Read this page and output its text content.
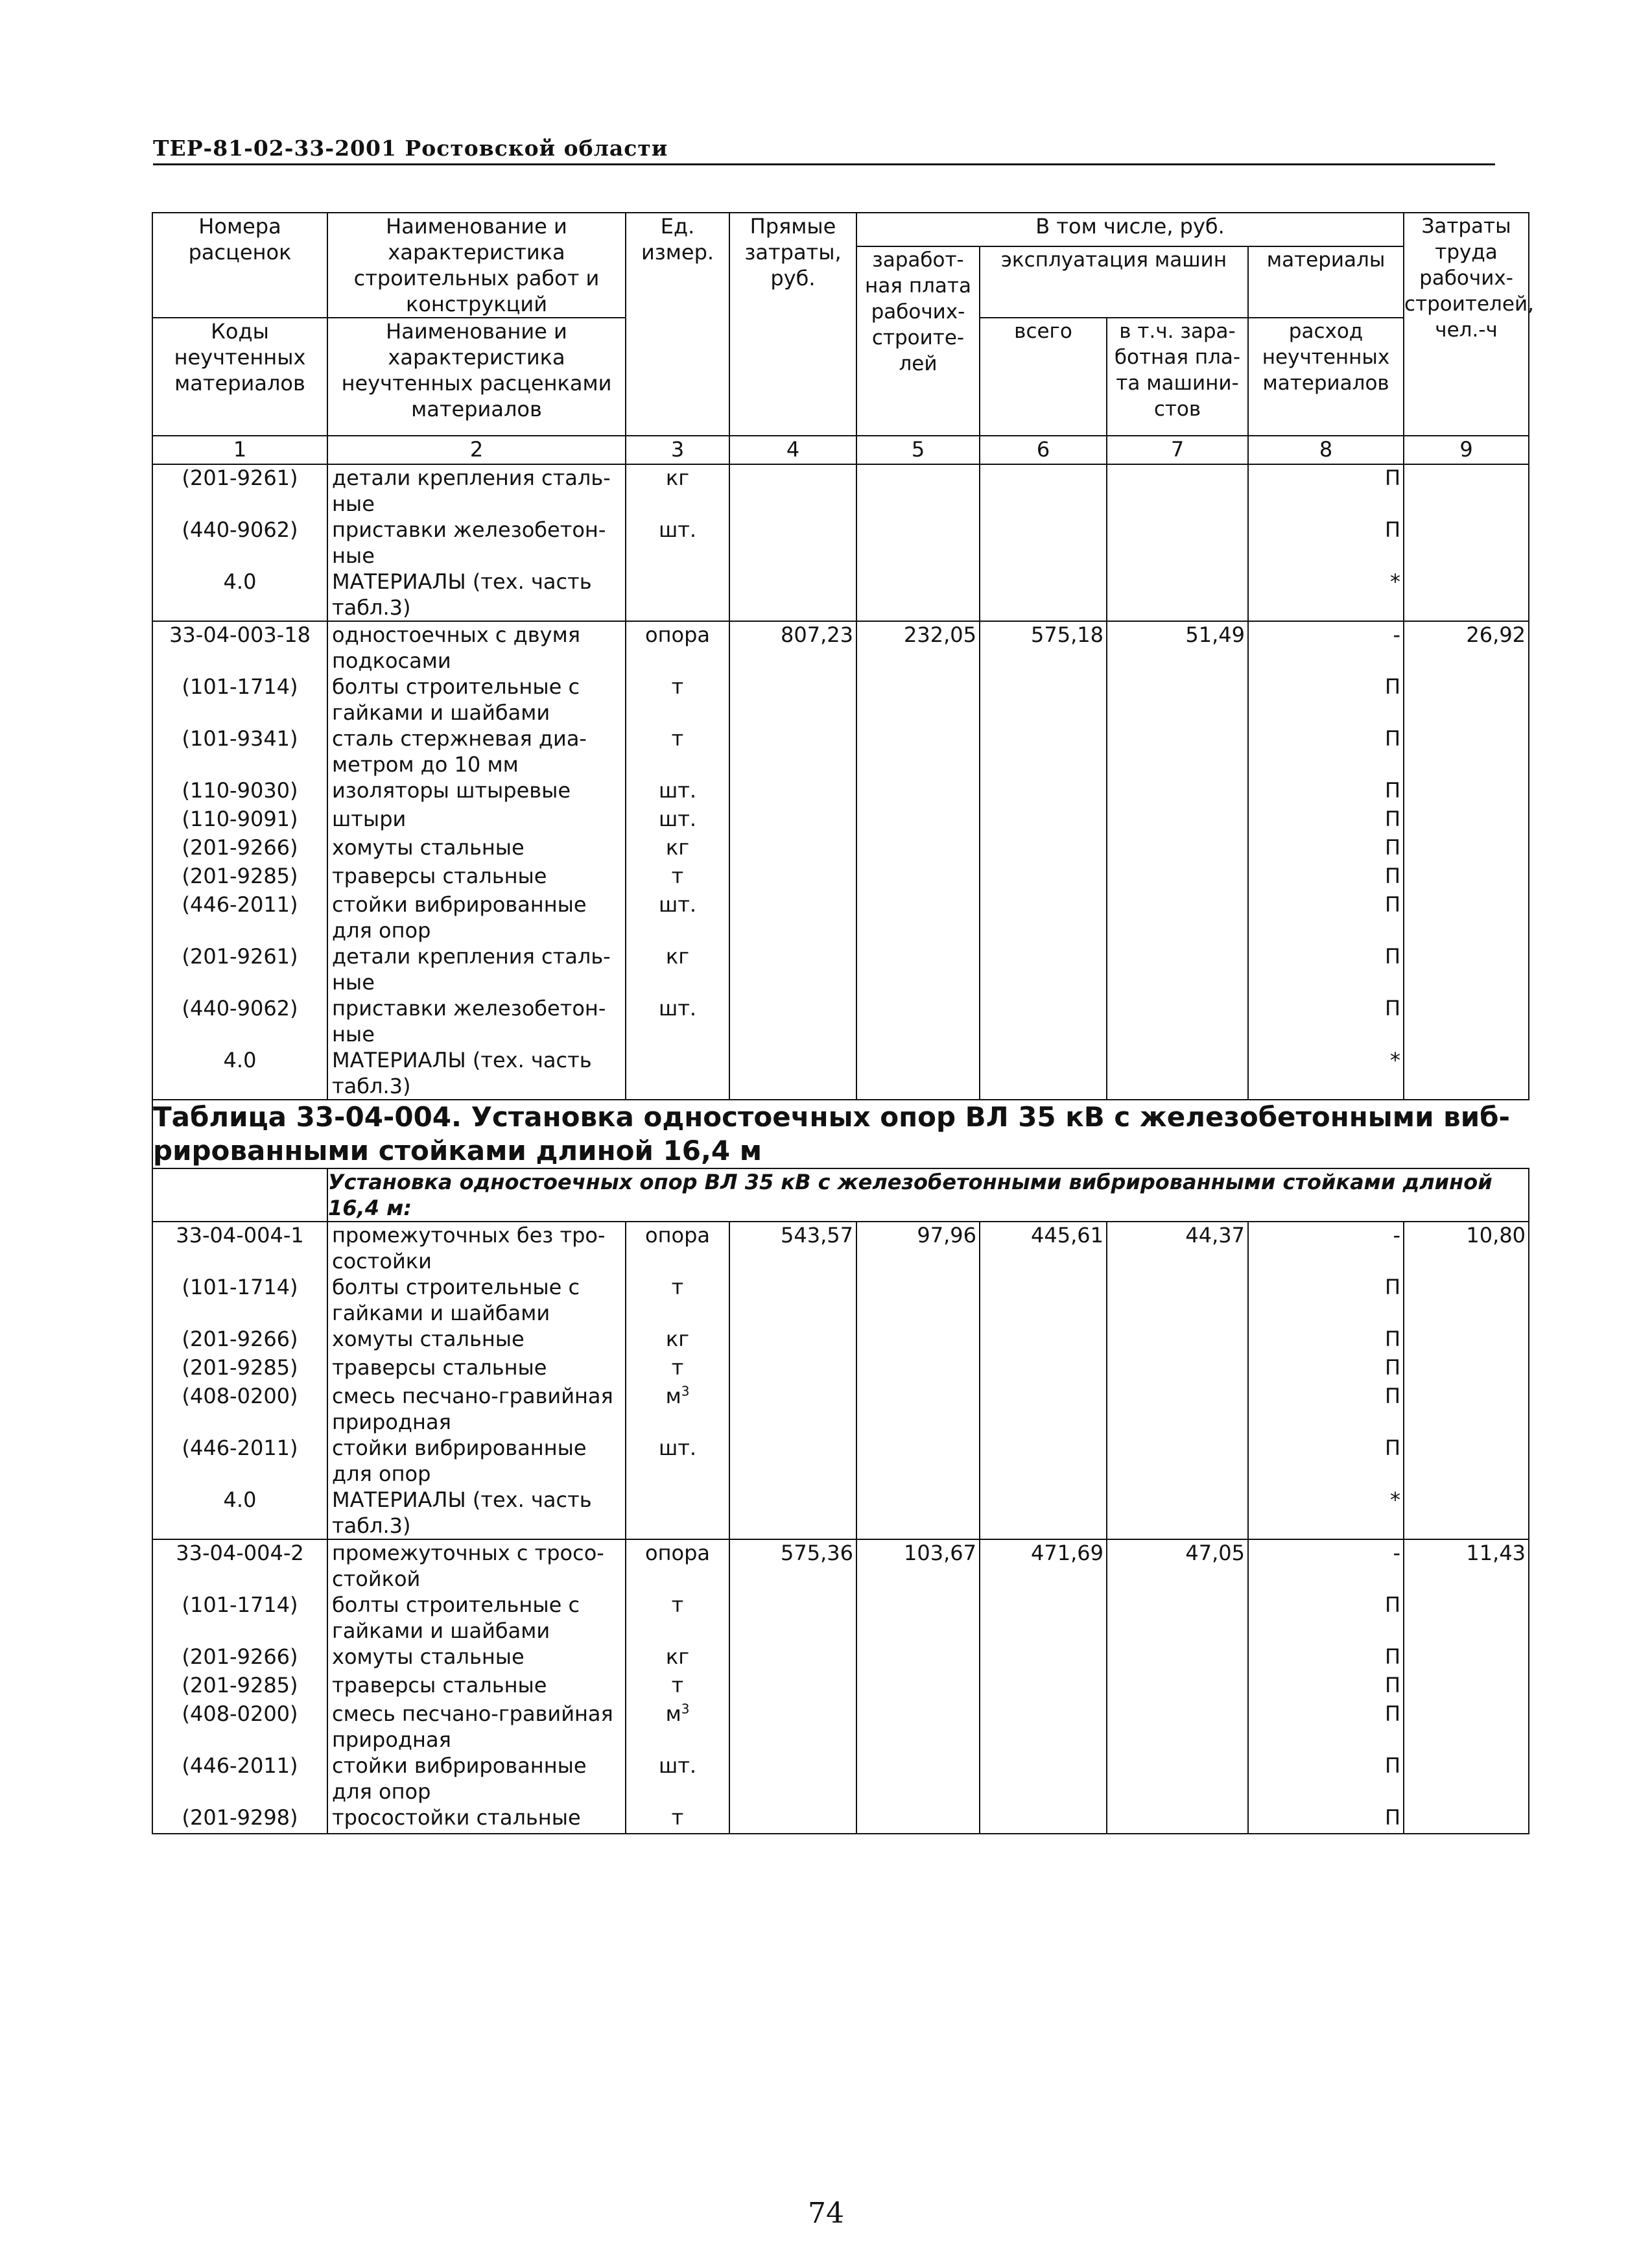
ТЕР-81-02-33-2001 Ростовской области
Номера расценок	Наименование и характеристика строительных работ и конструкций	Ед. измер.	Прямые затраты, руб.	В том числе, руб.				Затраты труда рабочих-строителей, чел.-ч
				заработ-ная плата рабочих-строите-лей	эксплуатация машин		материалы	
Коды неучтенных материалов	Наименование и характеристика неучтенных расценками материалов				всего	в т.ч. зара-ботная пла-та машини-стов	расход неучтенных материалов	
1	2	3	4	5	6	7	8	9
(201-9261)	детали крепления сталь-ные	кг					П	
(440-9062)	приставки железобетон-ные	шт.					П	
4.0	МАТЕРИАЛЫ (тех. часть табл.3)						*	
33-04-003-18	одностоечных с двумя подкосами	опора	807,23	232,05	575,18	51,49	-	26,92
(101-1714)	болты строительные с гайками и шайбами	т					П	
(101-9341)	сталь стержневая диа-метром до 10 мм	т					П	
(110-9030)	изоляторы штыревые	шт.					П	
(110-9091)	штыри	шт.					П	
(201-9266)	хомуты стальные	кг					П	
(201-9285)	траверсы стальные	т					П	
(446-2011)	стойки вибрированные для опор	шт.					П	
(201-9261)	детали крепления сталь-ные	кг					П	
(440-9062)	приставки железобетон-ные	шт.					П	
4.0	МАТЕРИАЛЫ (тех. часть табл.3)						*	
Таблица 33-04-004. Установка одностоечных опор ВЛ 35 кВ с железобетонными виб-рированными стойками длиной 16,4 м								
	Установка одностоечных опор ВЛ 35 кВ с железобетонными вибрированными стойками длиной 16,4 м:							
33-04-004-1	промежуточных без тро-состойки	опора	543,57	97,96	445,61	44,37	-	10,80
(101-1714)	болты строительные с гайками и шайбами	т					П	
(201-9266)	хомуты стальные	кг					П	
(201-9285)	траверсы стальные	т					П	
(408-0200)	смесь песчано-гравийная природная	$м^3$					П	
(446-2011)	стойки вибрированные для опор	шт.					П	
4.0	МАТЕРИАЛЫ (тех. часть табл.3)						*	
33-04-004-2	промежуточных с тросо-стойкой	опора	575,36	103,67	471,69	47,05	-	11,43
(101-1714)	болты строительные с гайками и шайбами	т					П	
(201-9266)	хомуты стальные	кг					П	
(201-9285)	траверсы стальные	т					П	
(408-0200)	смесь песчано-гравийная природная	$м^3$					П	
(446-2011)	стойки вибрированные для опор	шт.					П	
(201-9298)	тросостойки стальные	т					П	
74
